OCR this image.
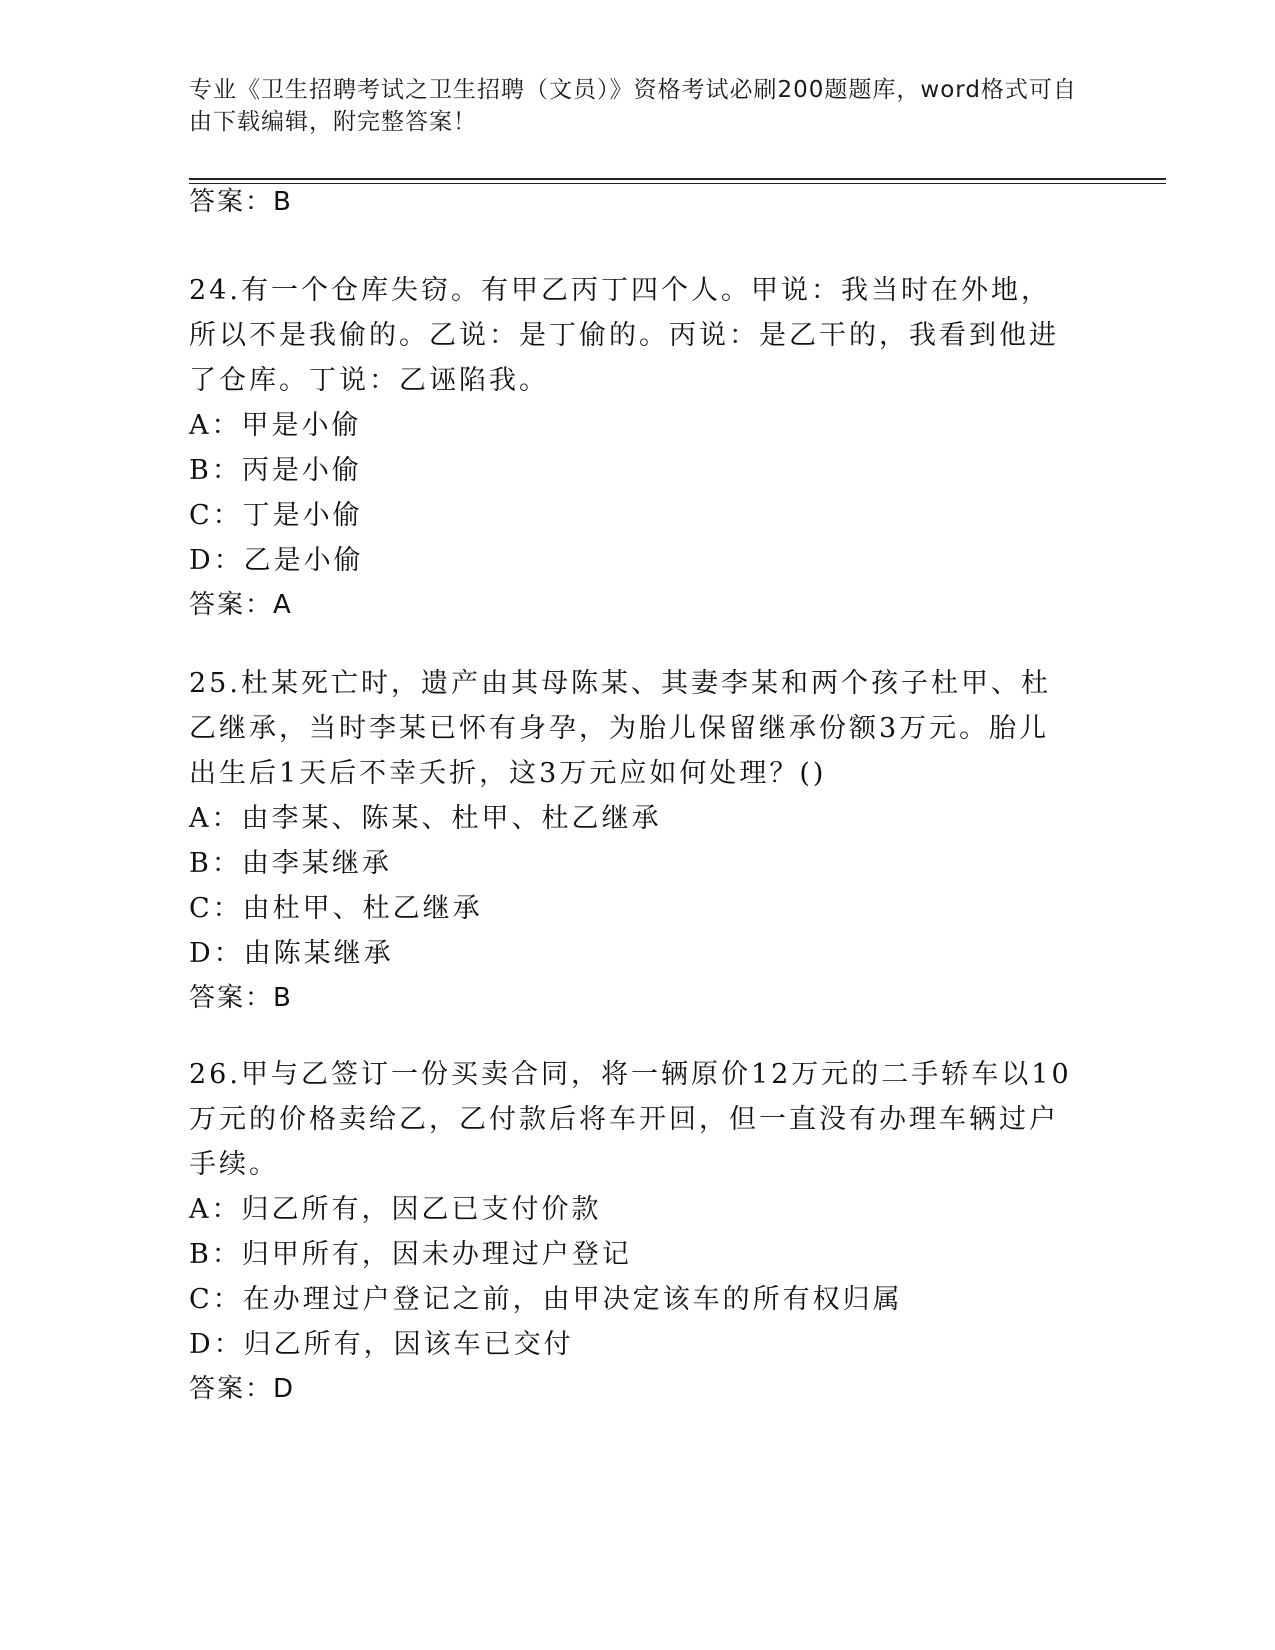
专业《卫生招聘考试之卫生招聘（文员）》资格考试必刷200题题库，word格式可自由下载编辑，附完整答案！
答案：B

24.有一个仓库失窃。有甲乙丙丁四个人。甲说：我当时在外地，所以不是我偷的。乙说：是丁偷的。丙说：是乙干的，我看到他进了仓库。丁说：乙诬陷我。

A：甲是小偷

B：丙是小偷

C：丁是小偷

D：乙是小偷

答案：A

25.杜某死亡时，遗产由其母陈某、其妻李某和两个孩子杜甲、杜乙继承，当时李某已怀有身孕，为胎儿保留继承份额3万元。胎儿出生后1天后不幸夭折，这3万元应如何处理？()

A：由李某、陈某、杜甲、杜乙继承

B：由李某继承

C：由杜甲、杜乙继承

D：由陈某继承

答案：B

26.甲与乙签订一份买卖合同，将一辆原价12万元的二手轿车以10万元的价格卖给乙，乙付款后将车开回，但一直没有办理车辆过户手续。

A：归乙所有，因乙已支付价款

B：归甲所有，因未办理过户登记

C：在办理过户登记之前，由甲决定该车的所有权归属

D：归乙所有，因该车已交付

答案：D
